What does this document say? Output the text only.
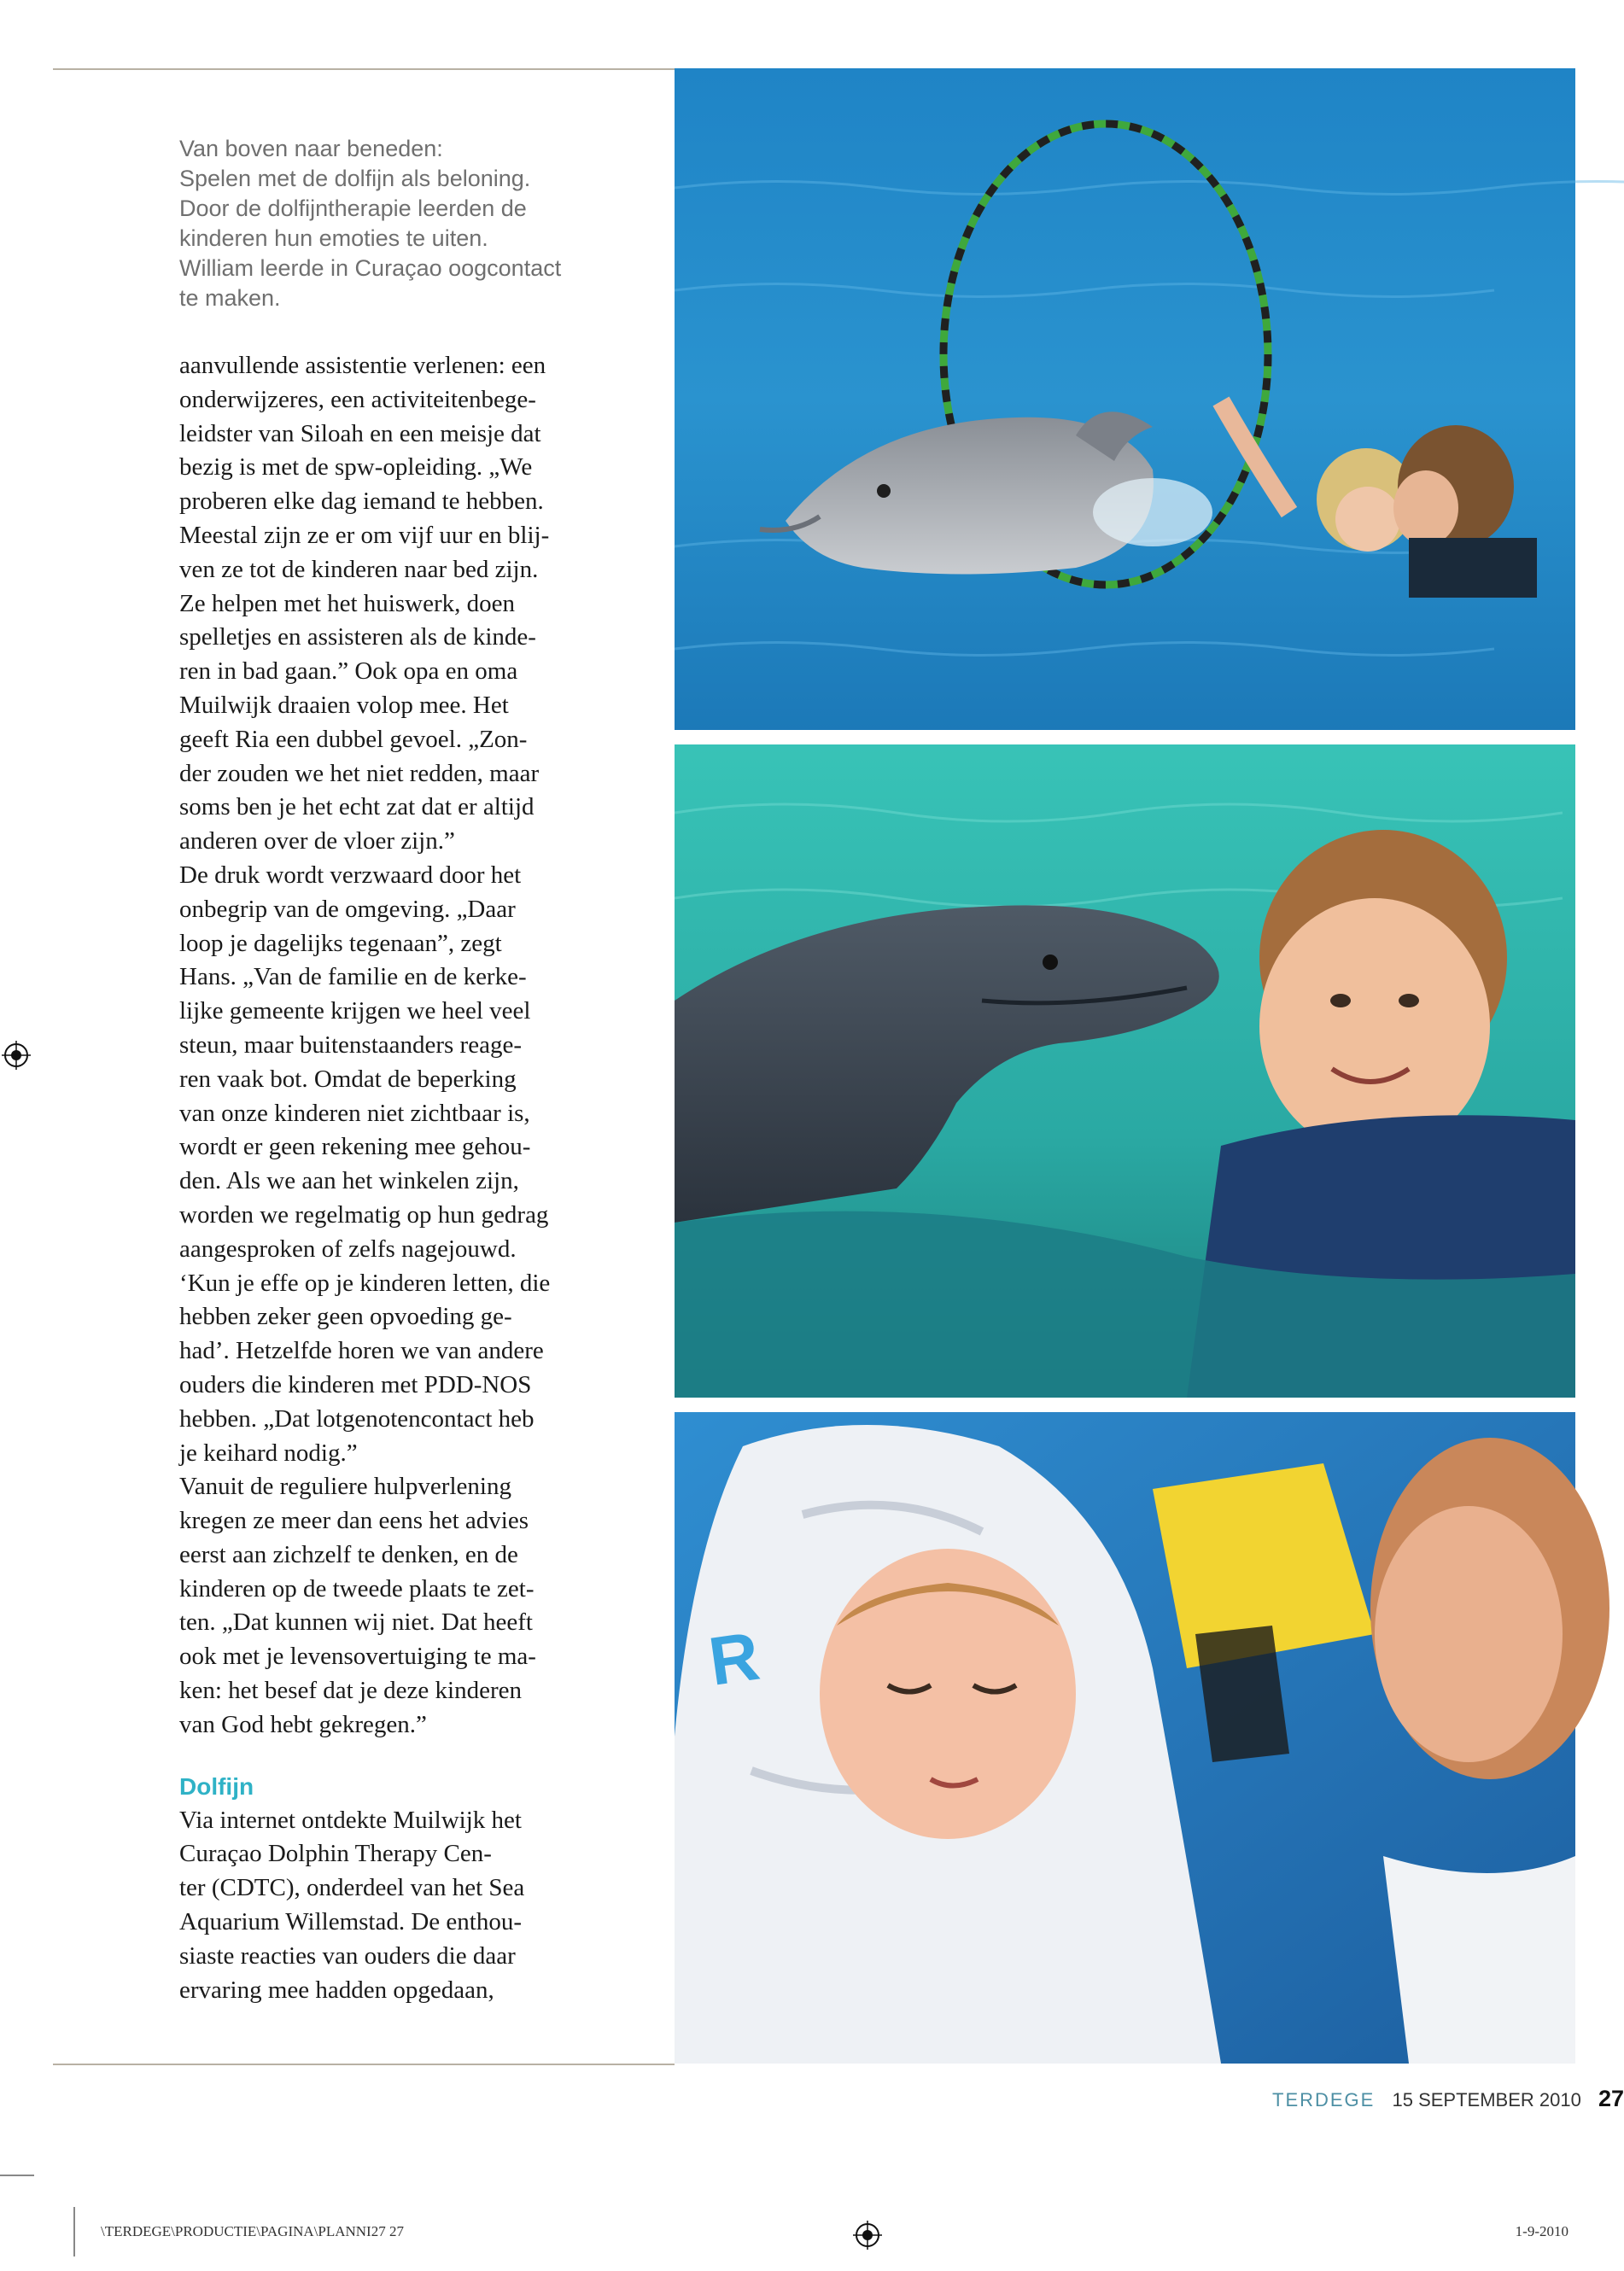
Van boven naar beneden:
Spelen met de dolfijn als beloning.
Door de dolfijntherapie leerden de
kinderen hun emoties te uiten.
William leerde in Curaçao oogcontact
te maken.
aanvullende assistentie verlenen: een
onderwijzeres, een activiteitenbege-
leidster van Siloah en een meisje dat
bezig is met de spw-opleiding. „We
proberen elke dag iemand te hebben.
Meestal zijn ze er om vijf uur en blij-
ven ze tot de kinderen naar bed zijn.
Ze helpen met het huiswerk, doen
spelletjes en assisteren als de kinde-
ren in bad gaan.” Ook opa en oma
Muilwijk draaien volop mee. Het
geeft Ria een dubbel gevoel. „Zon-
der zouden we het niet redden, maar
soms ben je het echt zat dat er altijd
anderen over de vloer zijn.”
De druk wordt verzwaard door het
onbegrip van de omgeving. „Daar
loop je dagelijks tegenaan”, zegt
Hans. „Van de familie en de kerke-
lijke gemeente krijgen we heel veel
steun, maar buitenstaanders reage-
ren vaak bot. Omdat de beperking
van onze kinderen niet zichtbaar is,
wordt er geen rekening mee gehou-
den. Als we aan het winkelen zijn,
worden we regelmatig op hun gedrag
aangesproken of zelfs nagejouwd.
‘Kun je effe op je kinderen letten, die
hebben zeker geen opvoeding ge-
had’. Hetzelfde horen we van andere
ouders die kinderen met PDD-NOS
hebben. „Dat lotgenotencontact heb
je keihard nodig.”
Vanuit de reguliere hulpverlening
kregen ze meer dan eens het advies
eerst aan zichzelf te denken, en de
kinderen op de tweede plaats te zet-
ten. „Dat kunnen wij niet. Dat heeft
ook met je levensovertuiging te ma-
ken: het besef dat je deze kinderen
van God hebt gekregen.”
Dolfijn
Via internet ontdekte Muilwijk het
Curaçao Dolphin Therapy Cen-
ter (CDTC), onderdeel van het Sea
Aquarium Willemstad. De enthou-
siaste reacties van ouders die daar
ervaring mee hadden opgedaan,
R
TERDEGE 15 SEPTEMBER 2010 27
\TERDEGE\PRODUCTIE\PAGINA\PLANNI27 27	1-9-2010
